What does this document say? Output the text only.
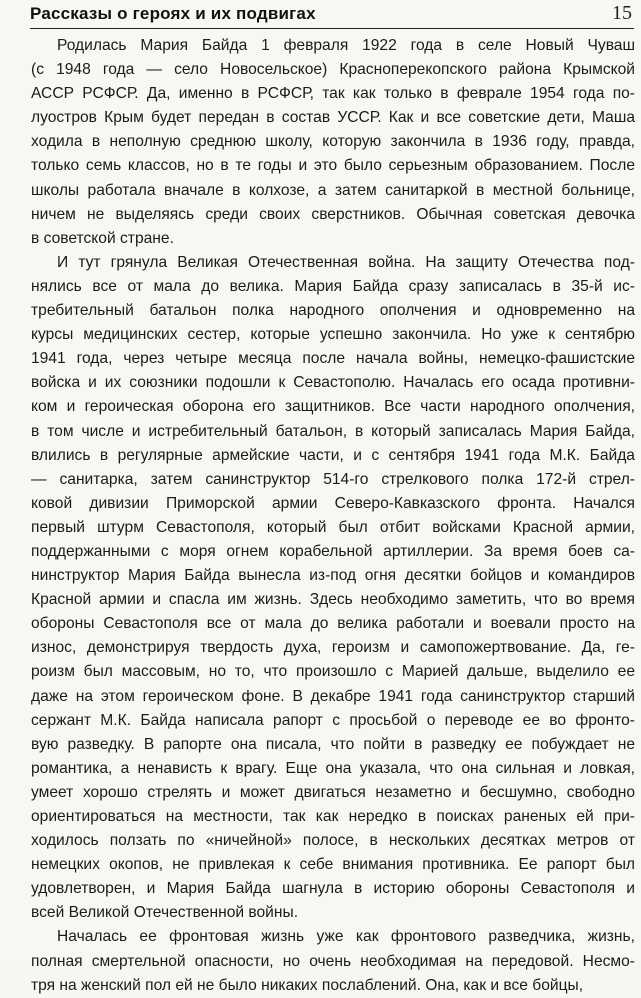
Рассказы о героях и их подвигах	15
Родилась Мария Байда 1 февраля 1922 года в селе Новый Чуваш
(с 1948 года — село Новосельское) Красноперекопского района Крымской
АССР РСФСР. Да, именно в РСФСР, так как только в феврале 1954 года по-
луостров Крым будет передан в состав УССР. Как и все советские дети, Маша
ходила в неполную среднюю школу, которую закончила в 1936 году, правда,
только семь классов, но в те годы и это было серьезным образованием. После
школы работала вначале в колхозе, а затем санитаркой в местной больнице,
ничем не выделяясь среди своих сверстников. Обычная советская девочка
в советской стране.
И тут грянула Великая Отечественная война. На защиту Отечества под-
нялись все от мала до велика. Мария Байда сразу записалась в 35-й ис-
требительный батальон полка народного ополчения и одновременно на
курсы медицинских сестер, которые успешно закончила. Но уже к сентябрю
1941 года, через четыре месяца после начала войны, немецко-фашистские
войска и их союзники подошли к Севастополю. Началась его осада противни-
ком и героическая оборона его защитников. Все части народного ополчения,
в том числе и истребительный батальон, в который записалась Мария Байда,
влились в регулярные армейские части, и с сентября 1941 года М.К. Байда
— санитарка, затем санинструктор 514-го стрелкового полка 172-й стрел-
ковой дивизии Приморской армии Северо-Кавказского фронта. Начался
первый штурм Севастополя, который был отбит войсками Красной армии,
поддержанными с моря огнем корабельной артиллерии. За время боев са-
нинструктор Мария Байда вынесла из-под огня десятки бойцов и командиров
Красной армии и спасла им жизнь. Здесь необходимо заметить, что во время
обороны Севастополя все от мала до велика работали и воевали просто на
износ, демонстрируя твердость духа, героизм и самопожертвование. Да, ге-
роизм был массовым, но то, что произошло с Марией дальше, выделило ее
даже на этом героическом фоне. В декабре 1941 года санинструктор старший
сержант М.К. Байда написала рапорт с просьбой о переводе ее во фронто-
вую разведку. В рапорте она писала, что пойти в разведку ее побуждает не
романтика, а ненависть к врагу. Еще она указала, что она сильная и ловкая,
умеет хорошо стрелять и может двигаться незаметно и бесшумно, свободно
ориентироваться на местности, так как нередко в поисках раненых ей при-
ходилось ползать по «ничейной» полосе, в нескольких десятках метров от
немецких окопов, не привлекая к себе внимания противника. Ее рапорт был
удовлетворен, и Мария Байда шагнула в историю обороны Севастополя и
всей Великой Отечественной войны.
Началась ее фронтовая жизнь уже как фронтового разведчика, жизнь,
полная смертельной опасности, но очень необходимая на передовой. Несмо-
тря на женский пол ей не было никаких послаблений. Она, как и все бойцы,
